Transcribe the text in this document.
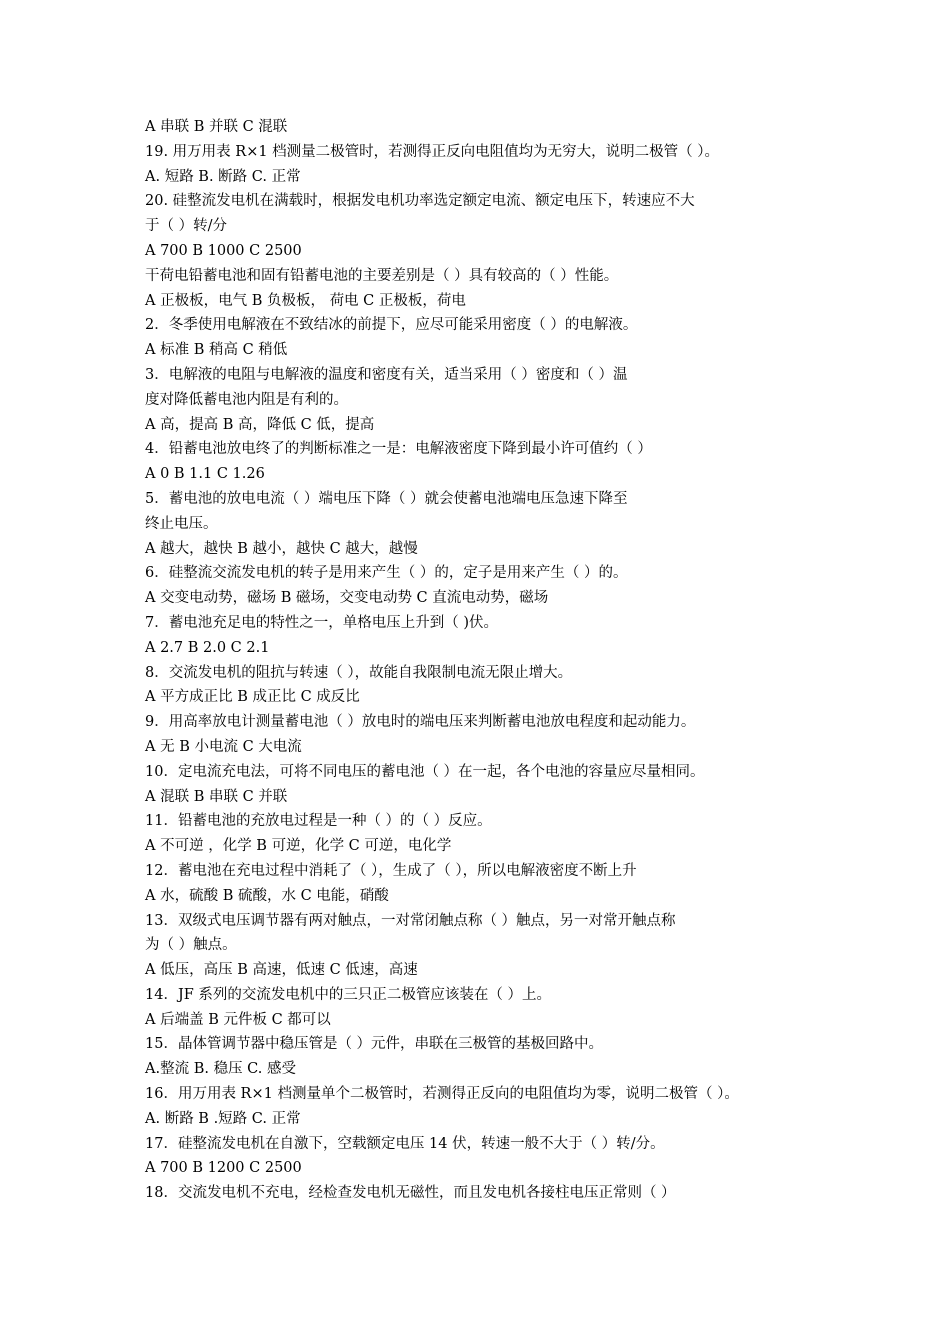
A 串联 B 并联 C 混联
19. 用万用表 R×1 档测量二极管时，若测得正反向电阻值均为无穷大，说明二极管（ ）。
A. 短路 B. 断路 C. 正常
20. 硅整流发电机在满载时，根据发电机功率选定额定电流、额定电压下，转速应不大
于（ ）转/分
A 700 B 1000 C 2500
干荷电铅蓄电池和固有铅蓄电池的主要差别是（ ）具有较高的（ ）性能。
A 正极板，电气 B 负极板， 荷电 C 正极板，荷电
2．冬季使用电解液在不致结冰的前提下，应尽可能采用密度（ ）的电解液。
A 标准 B 稍高 C 稍低
3．电解液的电阻与电解液的温度和密度有关，适当采用（ ）密度和（ ）温
度对降低蓄电池内阻是有利的。
A 高，提高 B 高，降低 C 低，提高
4．铅蓄电池放电终了的判断标准之一是：电解液密度下降到最小许可值约（ ）
A 0 B 1.1 C 1.26
5．蓄电池的放电电流（ ）端电压下降（ ）就会使蓄电池端电压急速下降至
终止电压。
A 越大，越快 B 越小，越快 C 越大，越慢
6．硅整流交流发电机的转子是用来产生（ ）的，定子是用来产生（ ）的。
A 交变电动势，磁场 B 磁场，交变电动势 C 直流电动势，磁场
7．蓄电池充足电的特性之一，单格电压上升到（ )伏。
A 2.7 B 2.0 C 2.1
8．交流发电机的阻抗与转速（ ），故能自我限制电流无限止增大。
A 平方成正比 B 成正比 C 成反比
9．用高率放电计测量蓄电池（ ）放电时的端电压来判断蓄电池放电程度和起动能力。
A 无 B 小电流 C 大电流
10．定电流充电法，可将不同电压的蓄电池（ ）在一起，各个电池的容量应尽量相同。
A 混联 B 串联 C 并联
11．铅蓄电池的充放电过程是一种（ ）的（ ）反应。
A 不可逆 ，化学 B 可逆，化学 C 可逆，电化学
12．蓄电池在充电过程中消耗了（ ），生成了（ ），所以电解液密度不断上升
A 水，硫酸 B 硫酸，水 C 电能，硝酸
13．双级式电压调节器有两对触点，一对常闭触点称（ ）触点，另一对常开触点称
为（ ）触点。
A 低压，高压 B 高速，低速 C 低速，高速
14．JF 系列的交流发电机中的三只正二极管应该装在（ ）上。
A 后端盖 B 元件板 C 都可以
15．晶体管调节器中稳压管是（ ）元件，串联在三极管的基极回路中。
A.整流 B. 稳压 C. 感受
16．用万用表 R×1 档测量单个二极管时，若测得正反向的电阻值均为零，说明二极管（ ）。
A. 断路 B .短路 C. 正常
17．硅整流发电机在自激下，空载额定电压 14 伏，转速一般不大于（ ）转/分。
A 700 B 1200 C 2500
18．交流发电机不充电，经检查发电机无磁性，而且发电机各接柱电压正常则（ ）
